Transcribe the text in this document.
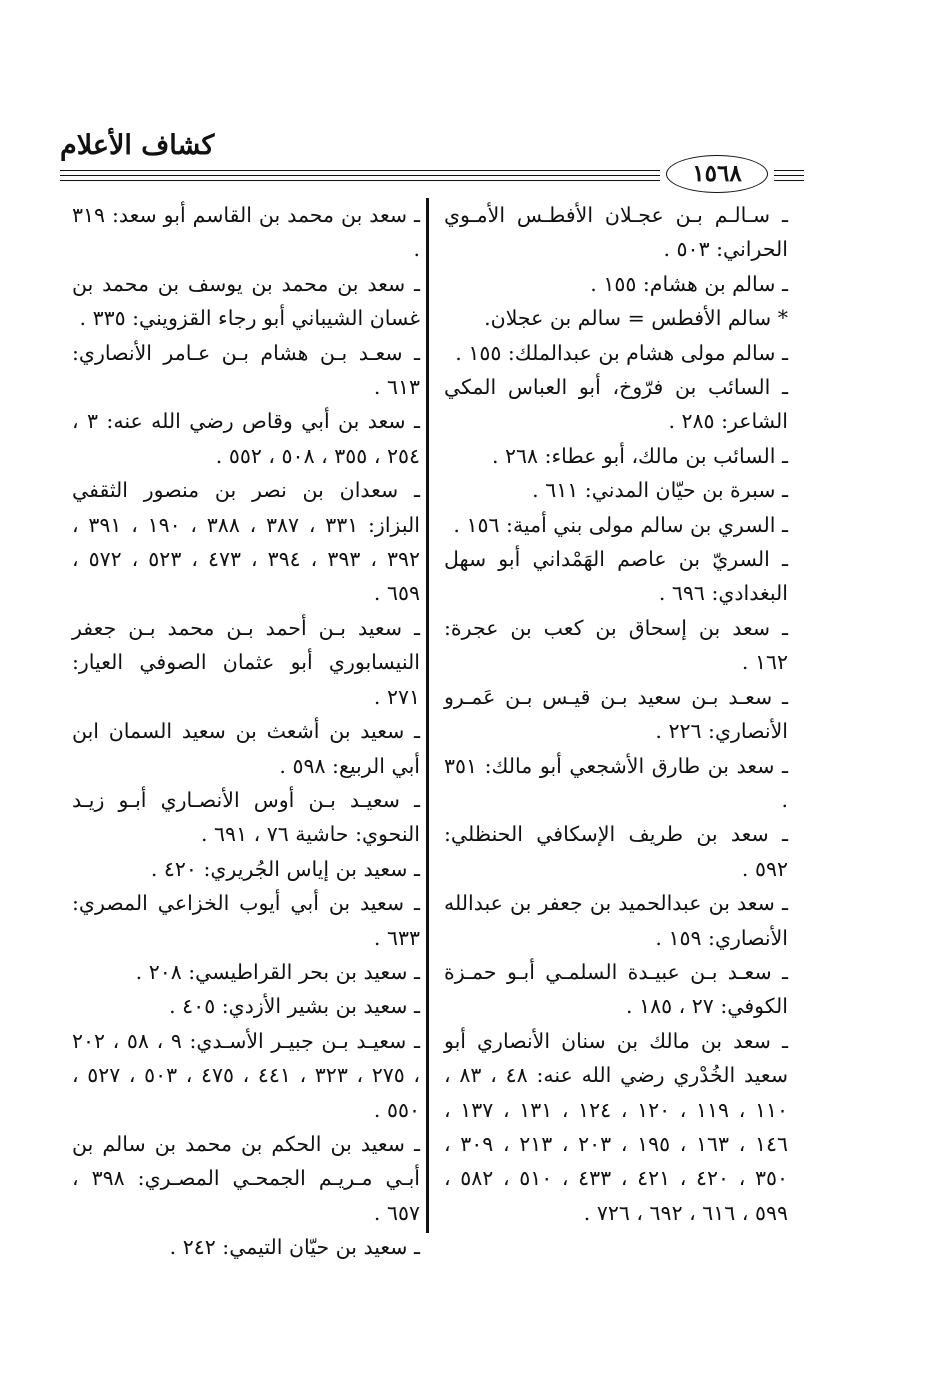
كشاف الأعلام
١٥٦٨

ـ سـالـم بـن عجـلان الأفطـس الأمـوي الحراني: ٥٠٣ .

ـ سالم بن هشام: ١٥٥ .

* سالم الأفطس = سالم بن عجلان.

ـ سالم مولى هشام بن عبدالملك: ١٥٥ .

ـ السائب بن فرّوخ، أبو العباس المكي الشاعر: ٢٨٥ .

ـ السائب بن مالك، أبو عطاء: ٢٦٨ .

ـ سبرة بن حيّان المدني: ٦١١ .

ـ السري بن سالم مولى بني أمية: ١٥٦ .

ـ السريّ بن عاصم الهَمْداني أبو سهل البغدادي: ٦٩٦ .

ـ سعد بن إسحاق بن كعب بن عجرة: ١٦٢ .

ـ سعـد بـن سعيد بـن قيـس بـن عَمـرو الأنصاري: ٢٢٦ .

ـ سعد بن طارق الأشجعي أبو مالك: ٣٥١ .

ـ سعد بن طريف الإسكافي الحنظلي: ٥٩٢ .

ـ سعد بن عبدالحميد بن جعفر بن عبدالله الأنصاري: ١٥٩ .

ـ سعـد بـن عبيـدة السلمـي أبـو حمـزة الكوفي: ٢٧ ، ١٨٥ .

ـ سعد بن مالك بن سنان الأنصاري أبو سعيد الخُدْري رضي الله عنه: ٤٨ ، ٨٣ ، ١١٠ ، ١١٩ ، ١٢٠ ، ١٢٤ ، ١٣١ ، ١٣٧ ، ١٤٦ ، ١٦٣ ، ١٩٥ ، ٢٠٣ ، ٢١٣ ، ٣٠٩ ، ٣٥٠ ، ٤٢٠ ، ٤٢١ ، ٤٣٣ ، ٥١٠ ، ٥٨٢ ، ٥٩٩ ، ٦١٦ ، ٦٩٢ ، ٧٢٦ .

ـ سعد بن محمد بن القاسم أبو سعد: ٣١٩ .

ـ سعد بن محمد بن يوسف بن محمد بن غسان الشيباني أبو رجاء القزويني: ٣٣٥ .

ـ سعـد بـن هشام بـن عـامر الأنصاري: ٦١٣ .

ـ سعد بن أبي وقاص رضي الله عنه: ٣ ، ٢٥٤ ، ٣٥٥ ، ٥٠٨ ، ٥٥٢ .

ـ سعدان بن نصر بن منصور الثقفي البزاز: ٣٣١ ، ٣٨٧ ، ٣٨٨ ، ١٩٠ ، ٣٩١ ، ٣٩٢ ، ٣٩٣ ، ٣٩٤ ، ٤٧٣ ، ٥٢٣ ، ٥٧٢ ، ٦٥٩ .

ـ سعيد بـن أحمد بـن محمد بـن جعفر النيسابوري أبو عثمان الصوفي العيار: ٢٧١ .

ـ سعيد بن أشعث بن سعيد السمان ابن أبي الربيع: ٥٩٨ .

ـ سعيـد بـن أوس الأنصـاري أبـو زيـد النحوي: حاشية ٧٦ ، ٦٩١ .

ـ سعيد بن إياس الجُريري: ٤٢٠ .

ـ سعيد بن أبي أيوب الخزاعي المصري: ٦٣٣ .

ـ سعيد بن بحر القراطيسي: ٢٠٨ .

ـ سعيد بن بشير الأزدي: ٤٠٥ .

ـ سعيـد بـن جبيـر الأسـدي: ٩ ، ٥٨ ، ٢٠٢ ، ٢٧٥ ، ٣٢٣ ، ٤٤١ ، ٤٧٥ ، ٥٠٣ ، ٥٢٧ ، ٥٥٠ .

ـ سعيد بن الحكم بن محمد بن سالم بن أبـي مـريـم الجمحـي المصـري: ٣٩٨ ، ٦٥٧ .

ـ سعيد بن حيّان التيمي: ٢٤٢ .
